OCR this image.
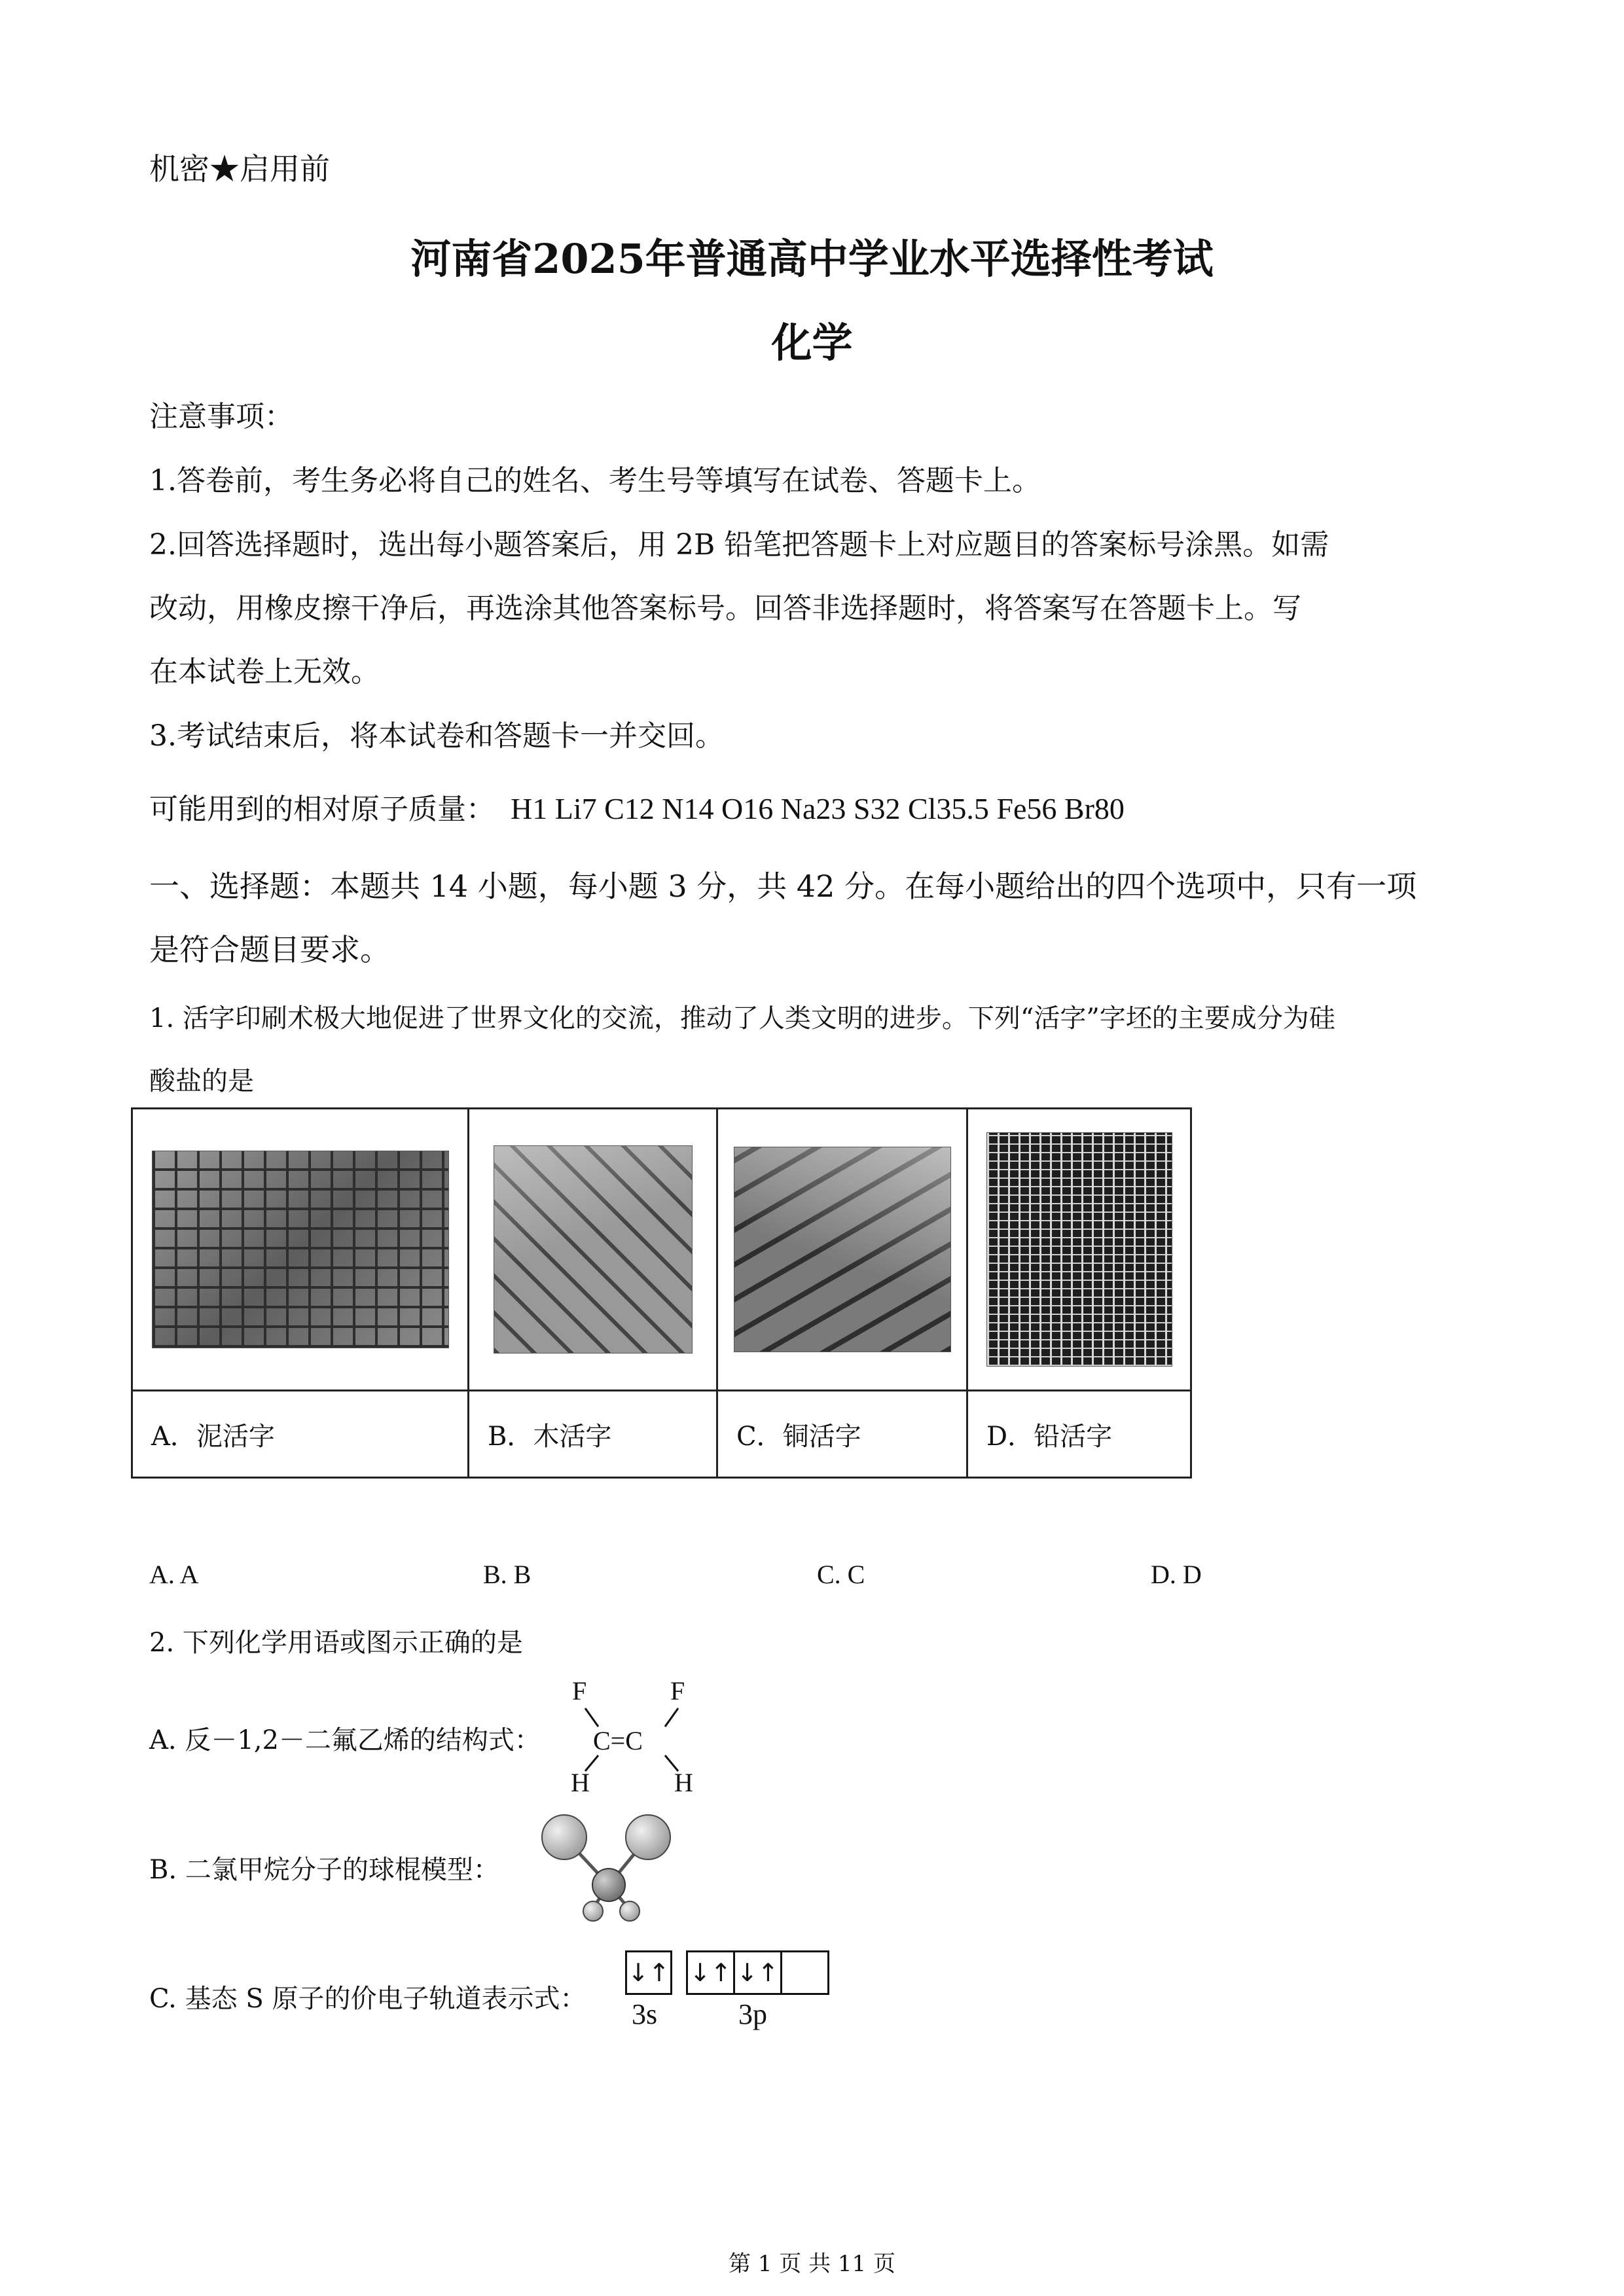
机密★启用前
河南省2025年普通高中学业水平选择性考试
化学
注意事项：
1.答卷前，考生务必将自己的姓名、考生号等填写在试卷、答题卡上。
2.回答选择题时，选出每小题答案后，用 2B 铅笔把答题卡上对应题目的答案标号涂黑。如需
改动，用橡皮擦干净后，再选涂其他答案标号。回答非选择题时，将答案写在答题卡上。写
在本试卷上无效。
3.考试结束后，将本试卷和答题卡一并交回。
可能用到的相对原子质量： H1 Li7 C12 N14 O16 Na23 S32 Cl35.5 Fe56 Br80
一、选择题：本题共 14 小题，每小题 3 分，共 42 分。在每小题给出的四个选项中，只有一项
是符合题目要求。
1. 活字印刷术极大地促进了世界文化的交流，推动了人类文明的进步。下列“活字”字坯的主要成分为硅
酸盐的是

A．泥活字	B．木活字	C．铜活字	D．铅活字
A. A	B. B	C. C	D. D
2. 下列化学用语或图示正确的是
A. 反－1,2－二氟乙烯的结构式：
F	F
C=C
H	H
B. 二氯甲烷分子的球棍模型：
C. 基态 S 原子的价电子轨道表示式：
↓↑ ↓↑ ↓↑
3s	3p
第 1 页 共 11 页
